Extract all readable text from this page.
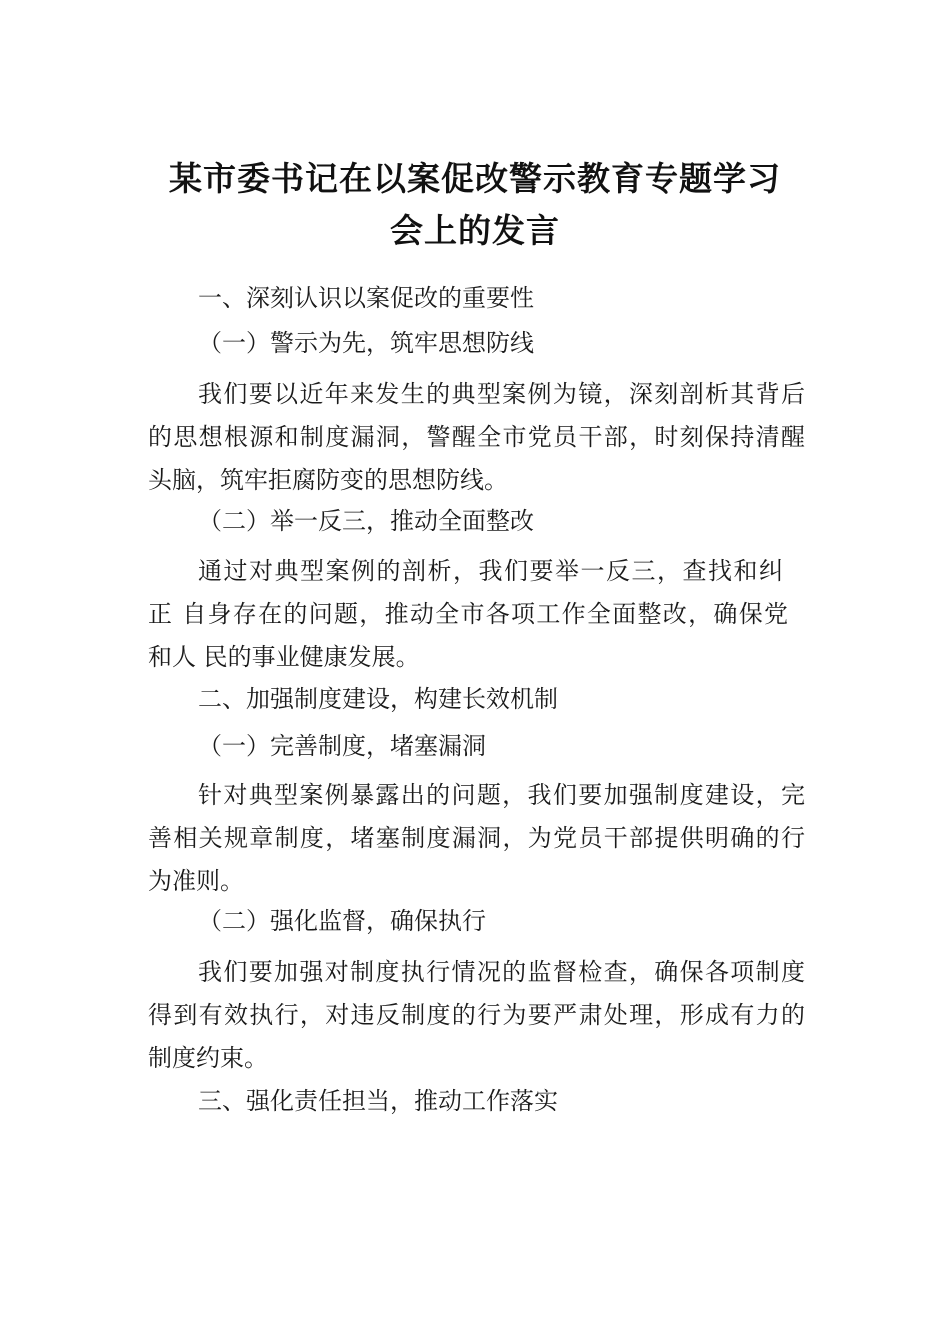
某市委书记在以案促改警示教育专题学习
会上的发言
一、深刻认识以案促改的重要性
（一）警示为先，筑牢思想防线
我们要以近年来发生的典型案例为镜，深刻剖析其背后
的思想根源和制度漏洞，警醒全市党员干部，时刻保持清醒
头脑，筑牢拒腐防变的思想防线。
（二）举一反三，推动全面整改
通过对典型案例的剖析，我们要举一反三，查找和纠
正 自身存在的问题，推动全市各项工作全面整改，确保党
和人 民的事业健康发展。
二、加强制度建设，构建长效机制
（一）完善制度，堵塞漏洞
针对典型案例暴露出的问题，我们要加强制度建设，完
善相关规章制度，堵塞制度漏洞，为党员干部提供明确的行
为准则。
（二）强化监督，确保执行
我们要加强对制度执行情况的监督检查，确保各项制度
得到有效执行，对违反制度的行为要严肃处理，形成有力的
制度约束。
三、强化责任担当，推动工作落实
